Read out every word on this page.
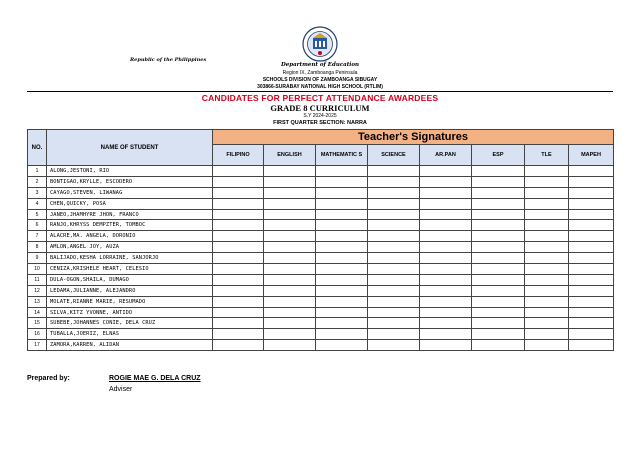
Republic of the Philippines
Department of Education
Region IX, Zamboanga Peninsula
SCHOOLS DIVISION OF ZAMBOANGA SIBUGAY
303866-SURABAY NATIONAL HIGH SCHOOL (RTLIM)
CANDIDATES FOR PERFECT ATTENDANCE AWARDEES
GRADE 8 CURRICULUM
S.Y 2024-2025
FIRST QUARTER SECTION: NARRA
NO.	NAME OF STUDENT	Teacher's Signatures							
		FILIPINO	ENGLISH	MATHEMATIC S	SCIENCE	AR.PAN	ESP	TLE	MAPEH
1	ALONG,JESTONI, RIO								
2	BONTIGAO,KRYLLE, ESCODERO								
3	CAYAGO,STEVEN, LIWANAG								
4	CHEN,QUICKY, POSA								
5	JANEO,JHAMHYRE JHON, FRANCO								
6	RANJO,KHRYSS DEMPZTER, TOMBOC								
7	ALACRE,MA. ANGELA, DORONIO								
8	AMLON,ANGEL JOY, AUZA								
9	BALIJADO,KESHA LORRAINE, SANJORJO								
10	CENIZA,KRISHELE HEART, CELESIO								
11	DULA-OGON,SHAILA, DUMAGO								
12	LEDAMA,JULIANNE, ALEJANDRO								
13	MOLATE,RIANNE MARIE, RESUMADO								
14	SILVA,KITZ YVONNE, ANTIDO								
15	SUBEBE,JOHANNES CONIE, DELA CRUZ								
16	TUBALLA,JOERIZ, ELNAS								
17	ZAMORA,KARREN, ALIDAN								
Prepared by:	ROGIE MAE G. DELA CRUZ
Adviser
